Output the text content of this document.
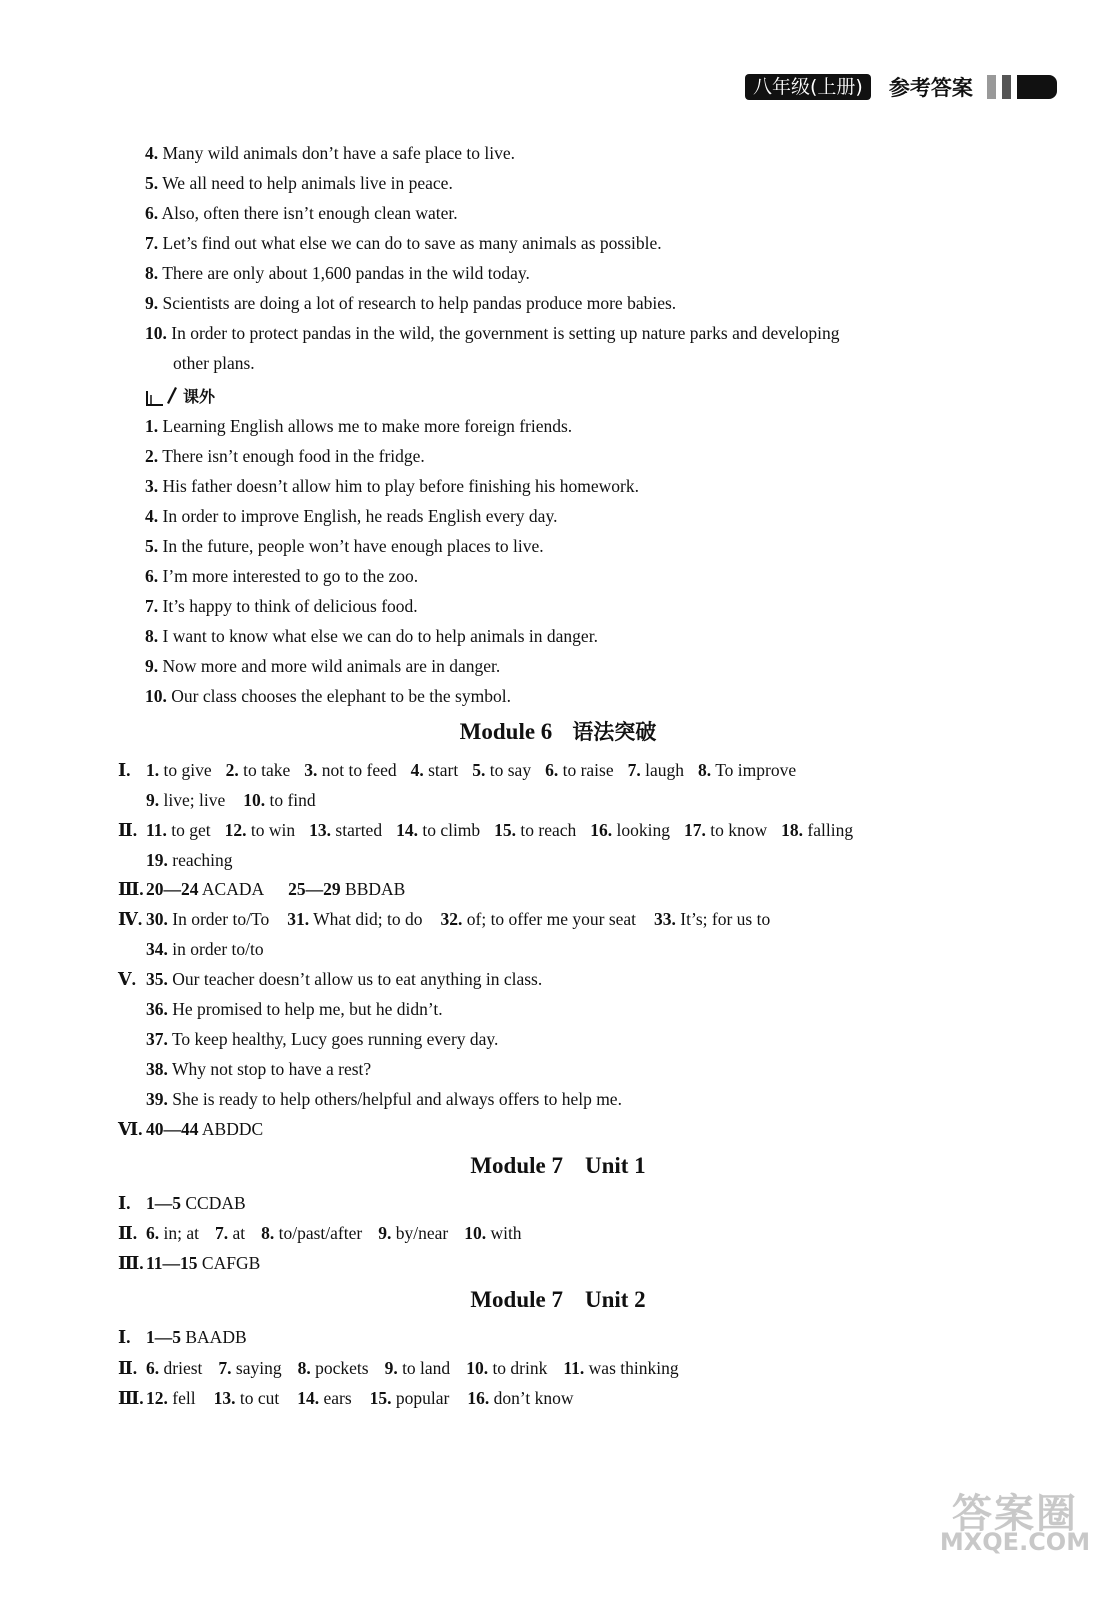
八年级(上册)	参考答案
4. Many wild animals don’t have a safe place to live.
5. We all need to help animals live in peace.
6. Also, often there isn’t enough clean water.
7. Let’s find out what else we can do to save as many animals as possible.
8. There are only about 1,600 pandas in the wild today.
9. Scientists are doing a lot of research to help pandas produce more babies.
10. In order to protect pandas in the wild, the government is setting up nature parks and developing
other plans.
课外
1. Learning English allows me to make more foreign friends.
2. There isn’t enough food in the fridge.
3. His father doesn’t allow him to play before finishing his homework.
4. In order to improve English, he reads English every day.
5. In the future, people won’t have enough places to live.
6. I’m more interested to go to the zoo.
7. It’s happy to think of delicious food.
8. I want to know what else we can do to help animals in danger.
9. Now more and more wild animals are in danger.
10. Our class chooses the elephant to be the symbol.
Module 6 语法突破
Ⅰ. 1. to give 2. to take 3. not to feed 4. start 5. to say 6. to raise 7. laugh 8. To improve
9. live; live 10. to find
Ⅱ. 11. to get 12. to win 13. started 14. to climb 15. to reach 16. looking 17. to know 18. falling
19. reaching
Ⅲ. 20—24 ACADA 25—29 BBDAB
Ⅳ. 30. In order to/To 31. What did; to do 32. of; to offer me your seat 33. It’s; for us to
34. in order to/to
Ⅴ. 35. Our teacher doesn’t allow us to eat anything in class.
36. He promised to help me, but he didn’t.
37. To keep healthy, Lucy goes running every day.
38. Why not stop to have a rest?
39. She is ready to help others/helpful and always offers to help me.
Ⅵ. 40—44 ABDDC
Module 7 Unit 1
Ⅰ. 1—5 CCDAB
Ⅱ. 6. in; at 7. at 8. to/past/after 9. by/near 10. with
Ⅲ. 11—15 CAFGB
Module 7 Unit 2
Ⅰ. 1—5 BAADB
Ⅱ. 6. driest 7. saying 8. pockets 9. to land 10. to drink 11. was thinking
Ⅲ. 12. fell 13. to cut 14. ears 15. popular 16. don’t know
答案圈
MXQE.COM
